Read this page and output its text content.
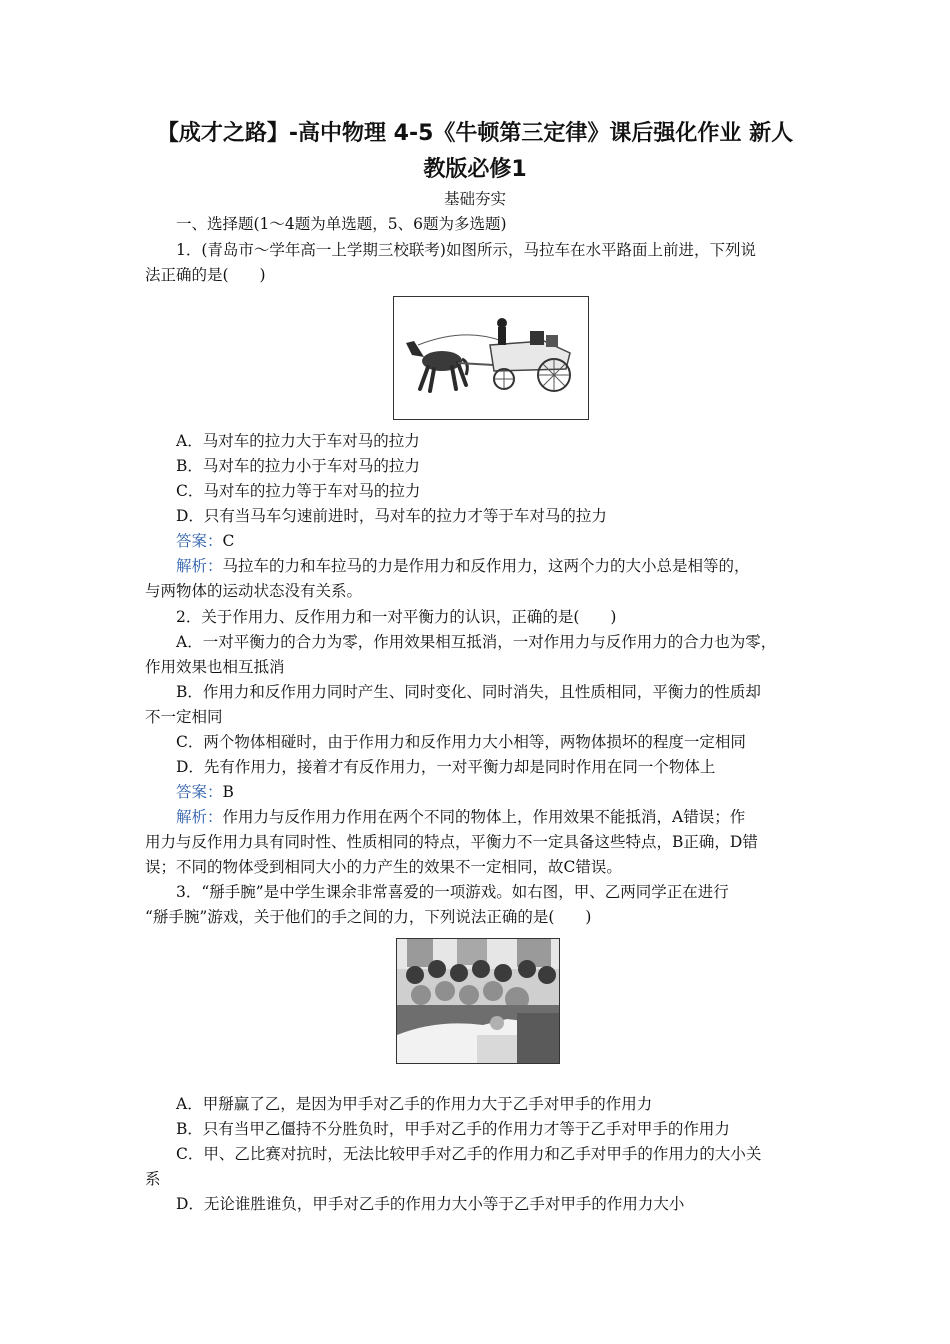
【成才之路】-高中物理 4-5《牛顿第三定律》课后强化作业 新人
教版必修1
基础夯实
一、选择题(1～4题为单选题，5、6题为多选题)
1．(青岛市～学年高一上学期三校联考)如图所示，马拉车在水平路面上前进，下列说
法正确的是(　　)
A．马对车的拉力大于车对马的拉力
B．马对车的拉力小于车对马的拉力
C．马对车的拉力等于车对马的拉力
D．只有当马车匀速前进时，马对车的拉力才等于车对马的拉力
答案：C
解析：马拉车的力和车拉马的力是作用力和反作用力，这两个力的大小总是相等的，
与两物体的运动状态没有关系。
2．关于作用力、反作用力和一对平衡力的认识，正确的是(　　)
A．一对平衡力的合力为零，作用效果相互抵消，一对作用力与反作用力的合力也为零，
作用效果也相互抵消
B．作用力和反作用力同时产生、同时变化、同时消失，且性质相同，平衡力的性质却
不一定相同
C．两个物体相碰时，由于作用力和反作用力大小相等，两物体损坏的程度一定相同
D．先有作用力，接着才有反作用力，一对平衡力却是同时作用在同一个物体上
答案：B
解析：作用力与反作用力作用在两个不同的物体上，作用效果不能抵消，A错误；作
用力与反作用力具有同时性、性质相同的特点，平衡力不一定具备这些特点，B正确，D错
误；不同的物体受到相同大小的力产生的效果不一定相同，故C错误。
3．“掰手腕”是中学生课余非常喜爱的一项游戏。如右图，甲、乙两同学正在进行
“掰手腕”游戏，关于他们的手之间的力，下列说法正确的是(　　)
A．甲掰赢了乙，是因为甲手对乙手的作用力大于乙手对甲手的作用力
B．只有当甲乙僵持不分胜负时，甲手对乙手的作用力才等于乙手对甲手的作用力
C．甲、乙比赛对抗时，无法比较甲手对乙手的作用力和乙手对甲手的作用力的大小关
系
D．无论谁胜谁负，甲手对乙手的作用力大小等于乙手对甲手的作用力大小
